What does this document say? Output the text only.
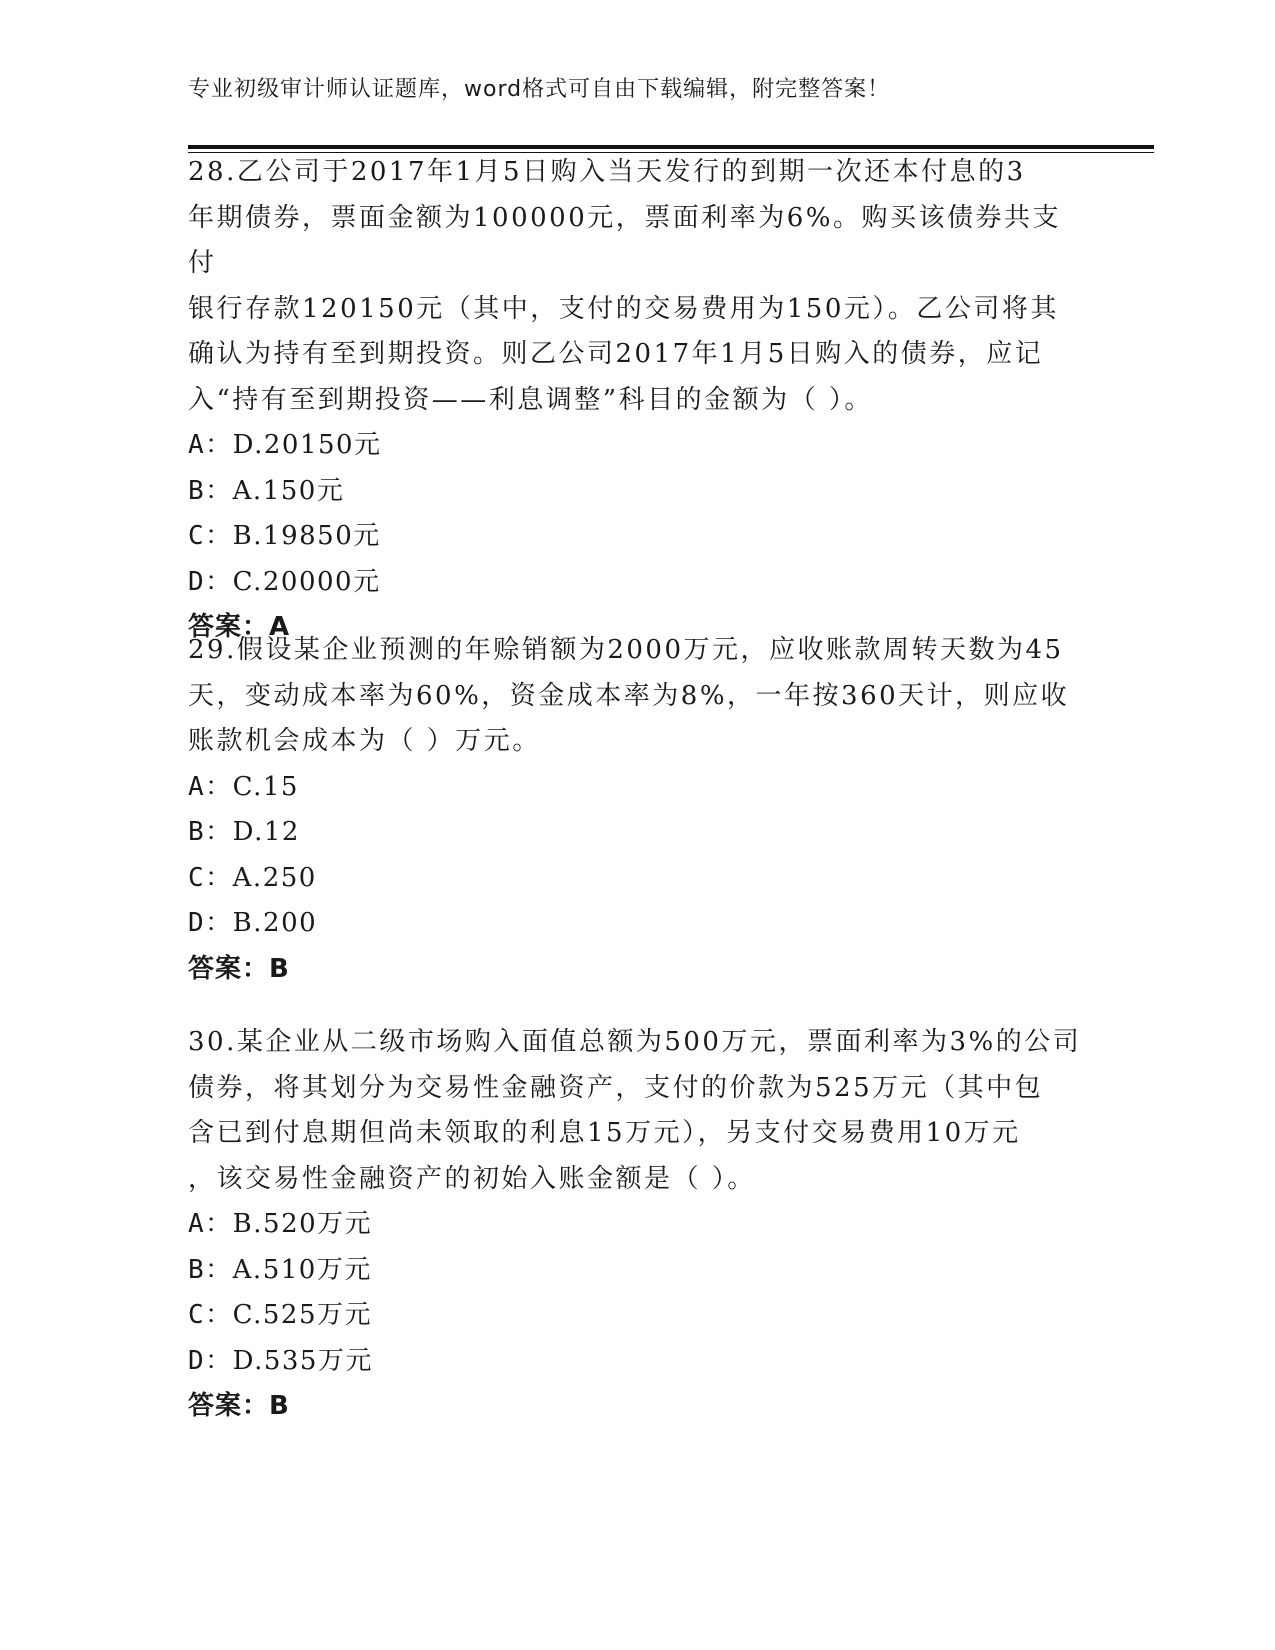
专业初级审计师认证题库，word格式可自由下载编辑，附完整答案！

28.乙公司于2017年1月5日购入当天发行的到期一次还本付息的3

年期债券，票面金额为100000元，票面利率为6%。购买该债券共支付

银行存款120150元（其中，支付的交易费用为150元）。乙公司将其

确认为持有至到期投资。则乙公司2017年1月5日购入的债券，应记

入“持有至到期投资——利息调整”科目的金额为（ ）。

A：D.20150元

B：A.150元

C：B.19850元

D：C.20000元

答案：A

29.假设某企业预测的年赊销额为2000万元，应收账款周转天数为45

天，变动成本率为60%，资金成本率为8%，一年按360天计，则应收

账款机会成本为（ ）万元。

A：C.15

B：D.12

C：A.250

D：B.200

答案：B

30.某企业从二级市场购入面值总额为500万元，票面利率为3%的公司

债券，将其划分为交易性金融资产，支付的价款为525万元（其中包

含已到付息期但尚未领取的利息15万元），另支付交易费用10万元

，该交易性金融资产的初始入账金额是（ ）。

A：B.520万元

B：A.510万元

C：C.525万元

D：D.535万元

答案：B
